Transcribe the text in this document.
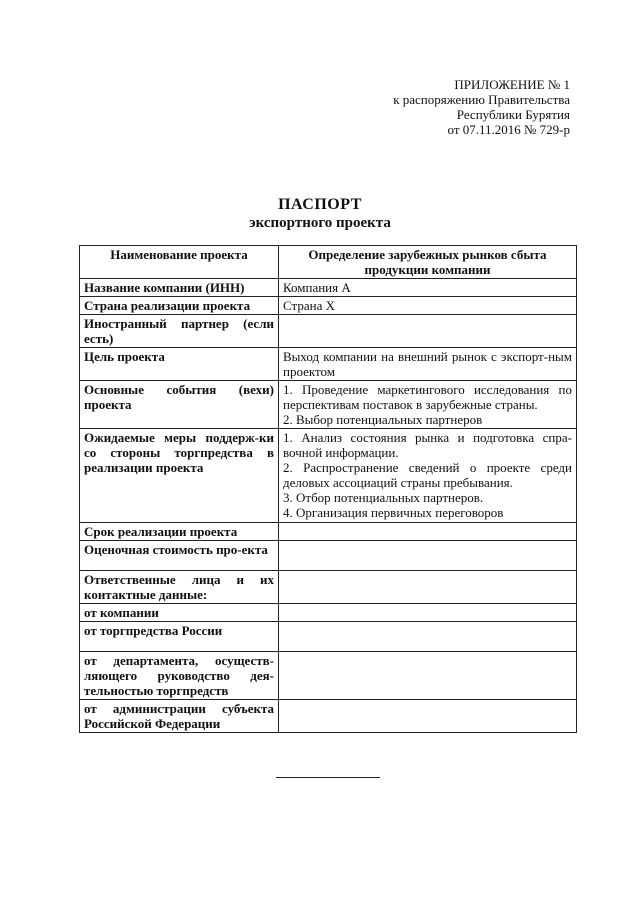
ПРИЛОЖЕНИЕ № 1
к распоряжению Правительства
Республики Бурятия
от 07.11.2016 № 729-р
ПАСПОРТ
экспортного проекта
Наименование проекта	Определение зарубежных рынков сбыта продукции компании
Название компании (ИНН)	Компания А

Страна реализации проекта	Страна Х

Иностранный партнер (если есть)	
Цель проекта	Выход компании на внешний рынок с экспорт-ным проектом

Основные события (вехи) проекта	1. Проведение маркетингового исследования по перспективам поставок в зарубежные страны.
2. Выбор потенциальных партнеров

Ожидаемые меры поддерж-ки со стороны торгпредства в реализации проекта	1. Анализ состояния рынка и подготовка спра-вочной информации.
2. Распространение сведений о проекте среди деловых ассоциаций страны пребывания.
3. Отбор потенциальных партнеров.
4. Организация первичных переговоров

Срок реализации проекта	
Оценочная стоимость про-екта	
Ответственные лица и их контактные данные:	
от компании	
от торгпредства России	
от департамента, осуществ-ляющего руководство дея-тельностью торгпредств	
от администрации субъекта Российской Федерации	
